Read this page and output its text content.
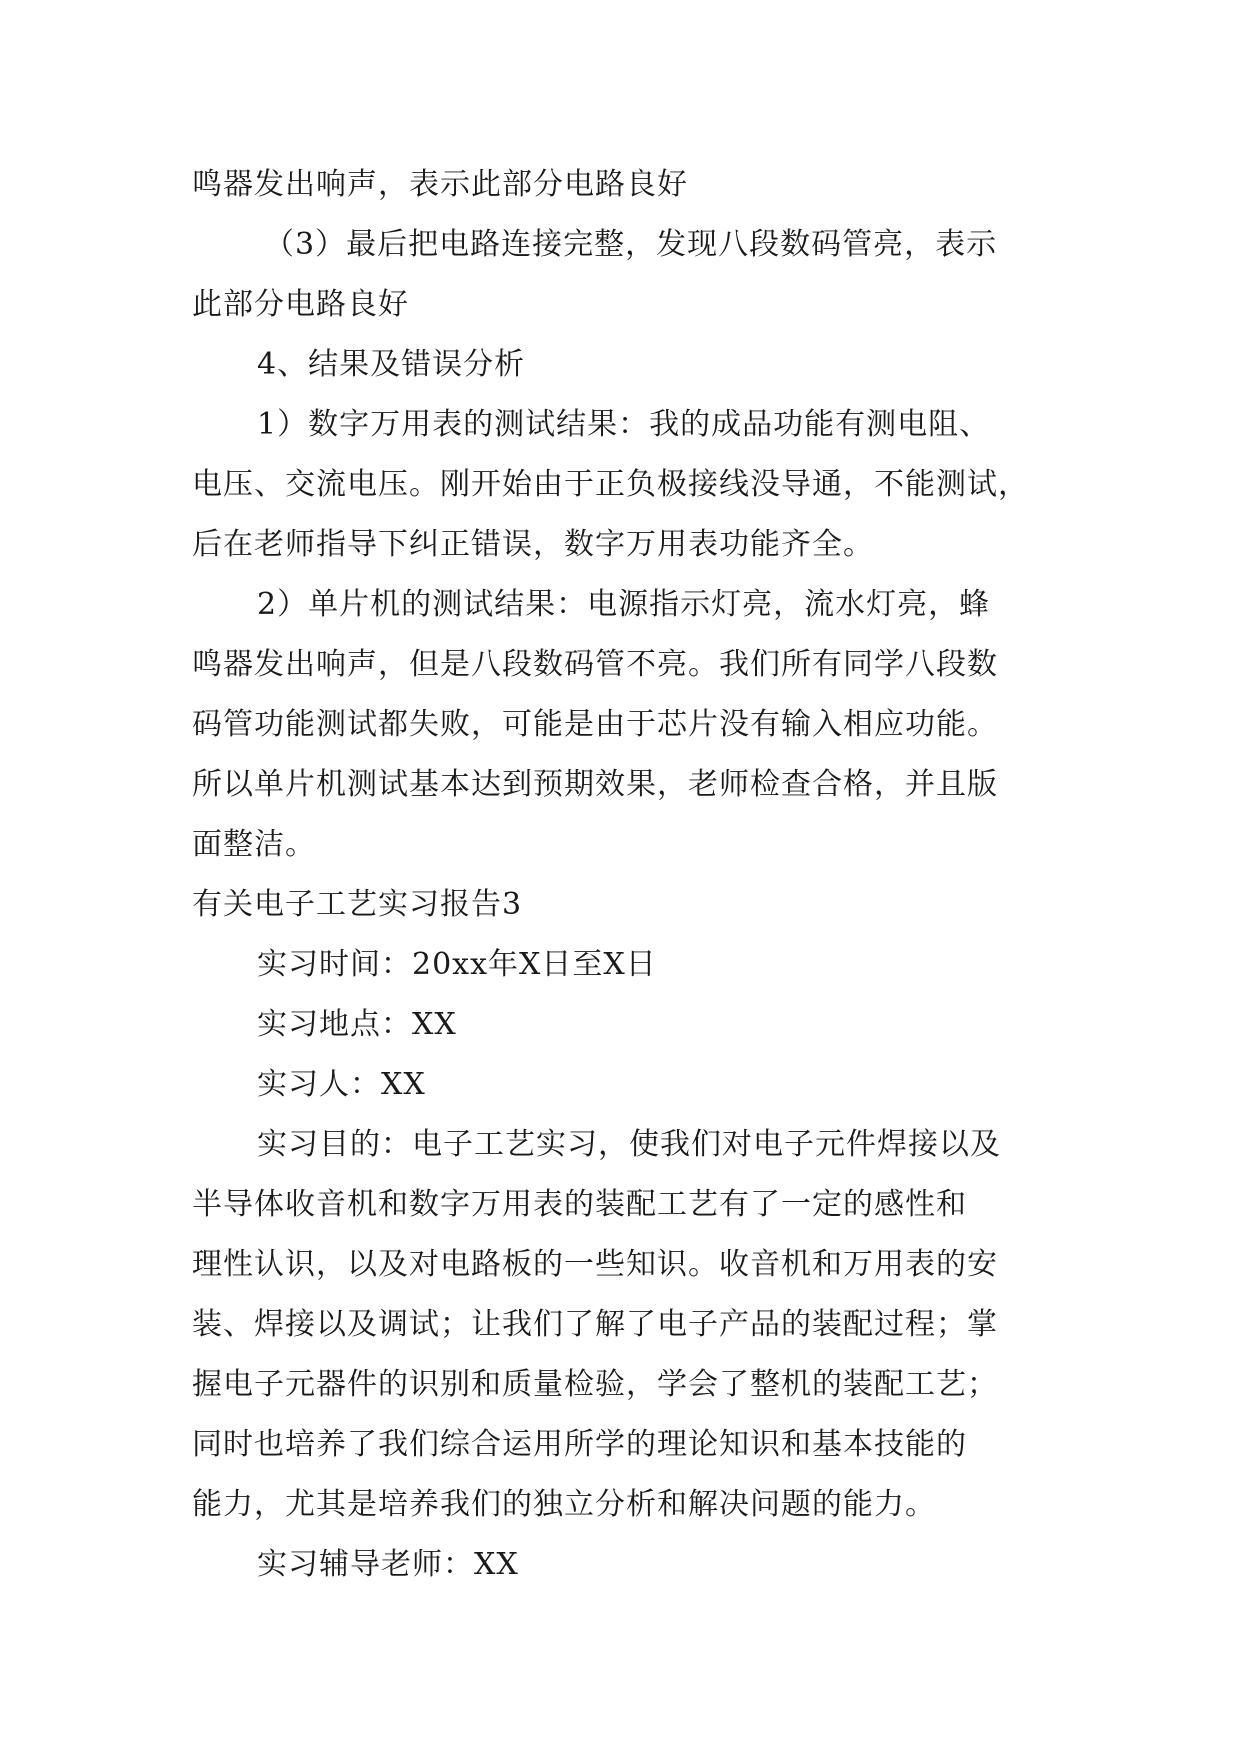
鸣器发出响声，表示此部分电路良好
（3）最后把电路连接完整，发现八段数码管亮，表示
此部分电路良好
4、结果及错误分析
1）数字万用表的测试结果：我的成品功能有测电阻、
电压、交流电压。刚开始由于正负极接线没导通，不能测试，
后在老师指导下纠正错误，数字万用表功能齐全。
2）单片机的测试结果：电源指示灯亮，流水灯亮，蜂
鸣器发出响声，但是八段数码管不亮。我们所有同学八段数
码管功能测试都失败，可能是由于芯片没有输入相应功能。
所以单片机测试基本达到预期效果，老师检查合格，并且版
面整洁。
有关电子工艺实习报告3
实习时间：20xx年X日至X日
实习地点：XX
实习人：XX
实习目的：电子工艺实习，使我们对电子元件焊接以及
半导体收音机和数字万用表的装配工艺有了一定的感性和
理性认识，以及对电路板的一些知识。收音机和万用表的安
装、焊接以及调试；让我们了解了电子产品的装配过程；掌
握电子元器件的识别和质量检验，学会了整机的装配工艺；
同时也培养了我们综合运用所学的理论知识和基本技能的
能力，尤其是培养我们的独立分析和解决问题的能力。
实习辅导老师：XX
